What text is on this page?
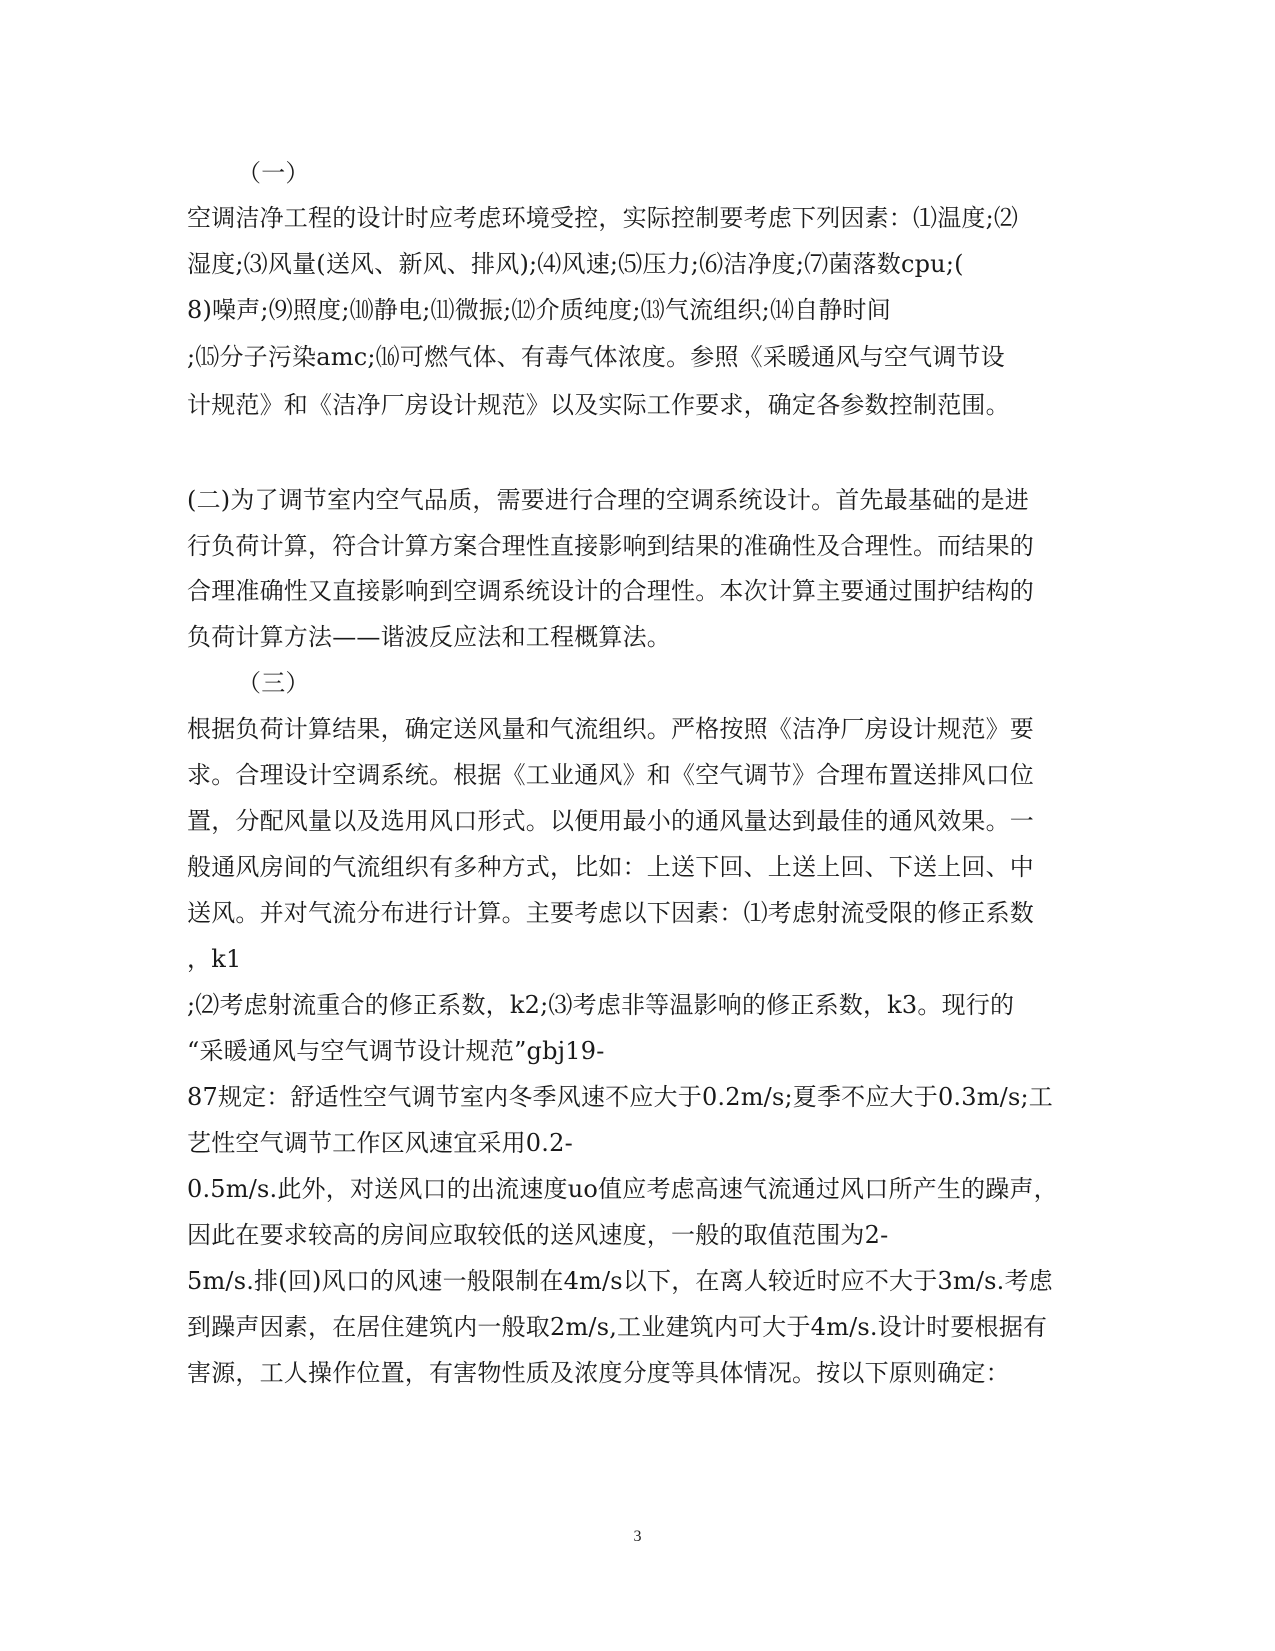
（一）
空调洁净工程的设计时应考虑环境受控，实际控制要考虑下列因素：⑴温度;⑵
湿度;⑶风量(送风、新风、排风);⑷风速;⑸压力;⑹洁净度;⑺菌落数cpu;(
8)噪声;⑼照度;⑽静电;⑾微振;⑿介质纯度;⒀气流组织;⒁自静时间
;⒂分子污染amc;⒃可燃气体、有毒气体浓度。参照《采暖通风与空气调节设
计规范》和《洁净厂房设计规范》以及实际工作要求，确定各参数控制范围。
(二)为了调节室内空气品质，需要进行合理的空调系统设计。首先最基础的是进
行负荷计算，符合计算方案合理性直接影响到结果的准确性及合理性。而结果的
合理准确性又直接影响到空调系统设计的合理性。本次计算主要通过围护结构的
负荷计算方法——谐波反应法和工程概算法。
（三）
根据负荷计算结果，确定送风量和气流组织。严格按照《洁净厂房设计规范》要
求。合理设计空调系统。根据《工业通风》和《空气调节》合理布置送排风口位
置，分配风量以及选用风口形式。以便用最小的通风量达到最佳的通风效果。一
般通风房间的气流组织有多种方式，比如：上送下回、上送上回、下送上回、中
送风。并对气流分布进行计算。主要考虑以下因素：⑴考虑射流受限的修正系数
，k1
;⑵考虑射流重合的修正系数，k2;⑶考虑非等温影响的修正系数，k3。现行的
“采暖通风与空气调节设计规范”gbj19-
87规定：舒适性空气调节室内冬季风速不应大于0.2m/s;夏季不应大于0.3m/s;工
艺性空气调节工作区风速宜采用0.2-
0.5m/s.此外，对送风口的出流速度uo值应考虑高速气流通过风口所产生的躁声，
因此在要求较高的房间应取较低的送风速度，一般的取值范围为2-
5m/s.排(回)风口的风速一般限制在4m/s以下，在离人较近时应不大于3m/s.考虑
到躁声因素，在居住建筑内一般取2m/s,工业建筑内可大于4m/s.设计时要根据有
害源，工人操作位置，有害物性质及浓度分度等具体情况。按以下原则确定：
3
